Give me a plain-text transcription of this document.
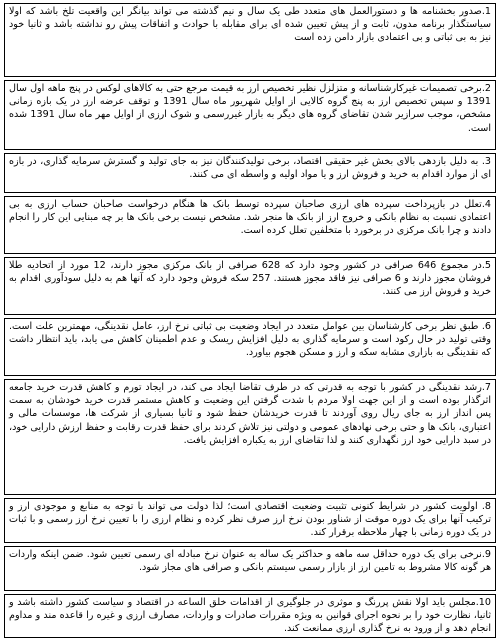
1.صدور بخشنامه ها و دستورالعمل های متعدد طی یک سال و نیم گذشته می تواند بیانگر این واقعیت تلخ باشد که اولا سیاستگذار برنامه مدون، ثابت و از پیش تعیین شده ای برای مقابله با حوادث و اتفاقات پیش رو نداشته باشد و ثانیا خود نیز به بی ثباتی و بی اعتمادی بازار دامن زده است
2.برخی تصمیمات غیرکارشناسانه و متزلزل نظیر تخصیص ارز به قیمت مرجع حتی به کالاهای لوکس در پنج ماهه اول سال 1391 و سپس تخصیص ارز به پنج گروه کالایی از اوایل شهریور ماه سال 1391 و توقف عرضه ارز در یک بازه زمانی مشخص، موجب سرازیر شدن تقاضای گروه های دیگر به بازار غیررسمی و شوک ارزی از اوایل مهر ماه سال 1391 شده است.
3. به دلیل بازدهی بالای بخش غیر حقیقی اقتصاد، برخی تولیدکنندگان نیز به جای تولید و گسترش سرمایه گذاری، در بازه ای از موارد اقدام به خرید و فروش ارز و یا مواد اولیه و واسطه ای می کنند.
4.تعلل در بازپرداخت سپرده های ارزی صاحبان سپرده توسط بانک ها هنگام درخواست صاحبان حساب ارزی به بی اعتمادی نسبت به نظام بانکی و خروج ارز از بانک ها منجر شد. مشخص نیست برخی بانک ها بر چه مبنایی این کار را انجام دادند و چرا بانک مرکزی در برخورد با متخلفین تعلل کرده است.
5.در مجموع 646 صرافی در کشور وجود دارد که 628 صرافی از بانک مرکزی مجوز دارند، 12 مورد از اتحادیه طلا فروشان مجوز دارند و 6 صرافی نیز فاقد مجوز هستند. 257 سکه فروش وجود دارد که آنها هم به دلیل سودآوری اقدام به خرید و فروش ارز می کنند.
6. طبق نظر برخی کارشناسان بین عوامل متعدد در ایجاد وضعیت بی ثباتی نرخ ارز، عامل نقدینگی، مهمترین علت است. وقتی تولید در حال رکود است و سرمایه گذاری به دلیل افزایش ریسک و عدم اطمینان کاهش می یابد، باید انتظار داشت که نقدینگی به بازاری مشابه سکه و ارز و مسکن هجوم بیاورد.
7.رشد نقدینگی در کشور با توجه به قدرتی که در طرف تقاضا ایجاد می کند، در ایجاد تورم و کاهش قدرت خرید جامعه اثرگذار بوده است و از این جهت اولا مردم با شدت گرفتن این وضعیت و کاهش مستمر قدرت خرید خودشان به سمت پس انداز ارز به جای ریال روی آوردند تا قدرت خریدشان حفظ شود و ثانیا بسیاری از شرکت ها، موسسات مالی و اعتباری، بانک ها و حتی برخی نهادهای عمومی و دولتی نیز تلاش کردند برای حفظ قدرت رقابت و حفظ ارزش دارایی خود، در سبد دارایی خود ارز نگهداری کنند و لذا تقاضای ارز به یکباره افزایش یافت.
8. اولویت کشور در شرایط کنونی تثبیت وضعیت اقتصادی است؛ لذا دولت می تواند با توجه به منابع و موجودی ارز و ترکیب آنها برای یک دوره موقت از شناور بودن نرخ ارز صرف نظر کرده و نظام ارزی را با تعیین نرخ ارز رسمی و با ثبات در یک دوره زمانی با چهار ملاحظه برقرار کند.
9.نرخی برای یک دوره حداقل سه ماهه و حداکثر یک ساله به عنوان نرخ مبادله ای رسمی تعیین شود. ضمن اینکه واردات هر گونه کالا مشروط به تامین ارز از بازار رسمی سیستم بانکی و صرافی های مجاز شود.
10.مجلس باید اولا نقش پررنگ و موثری در جلوگیری از اقدامات خلق الساعه در اقتصاد و سیاست کشور داشته باشد و ثانیا، نظارت خود را بر نحوه اجرای قوانین به ویژه مقررات صادرات و واردات، مصارف ارزی و غیره را قاعده مند و مداوم انجام دهد و از ورود به نرخ گذاری ارزی ممانعت کند.
